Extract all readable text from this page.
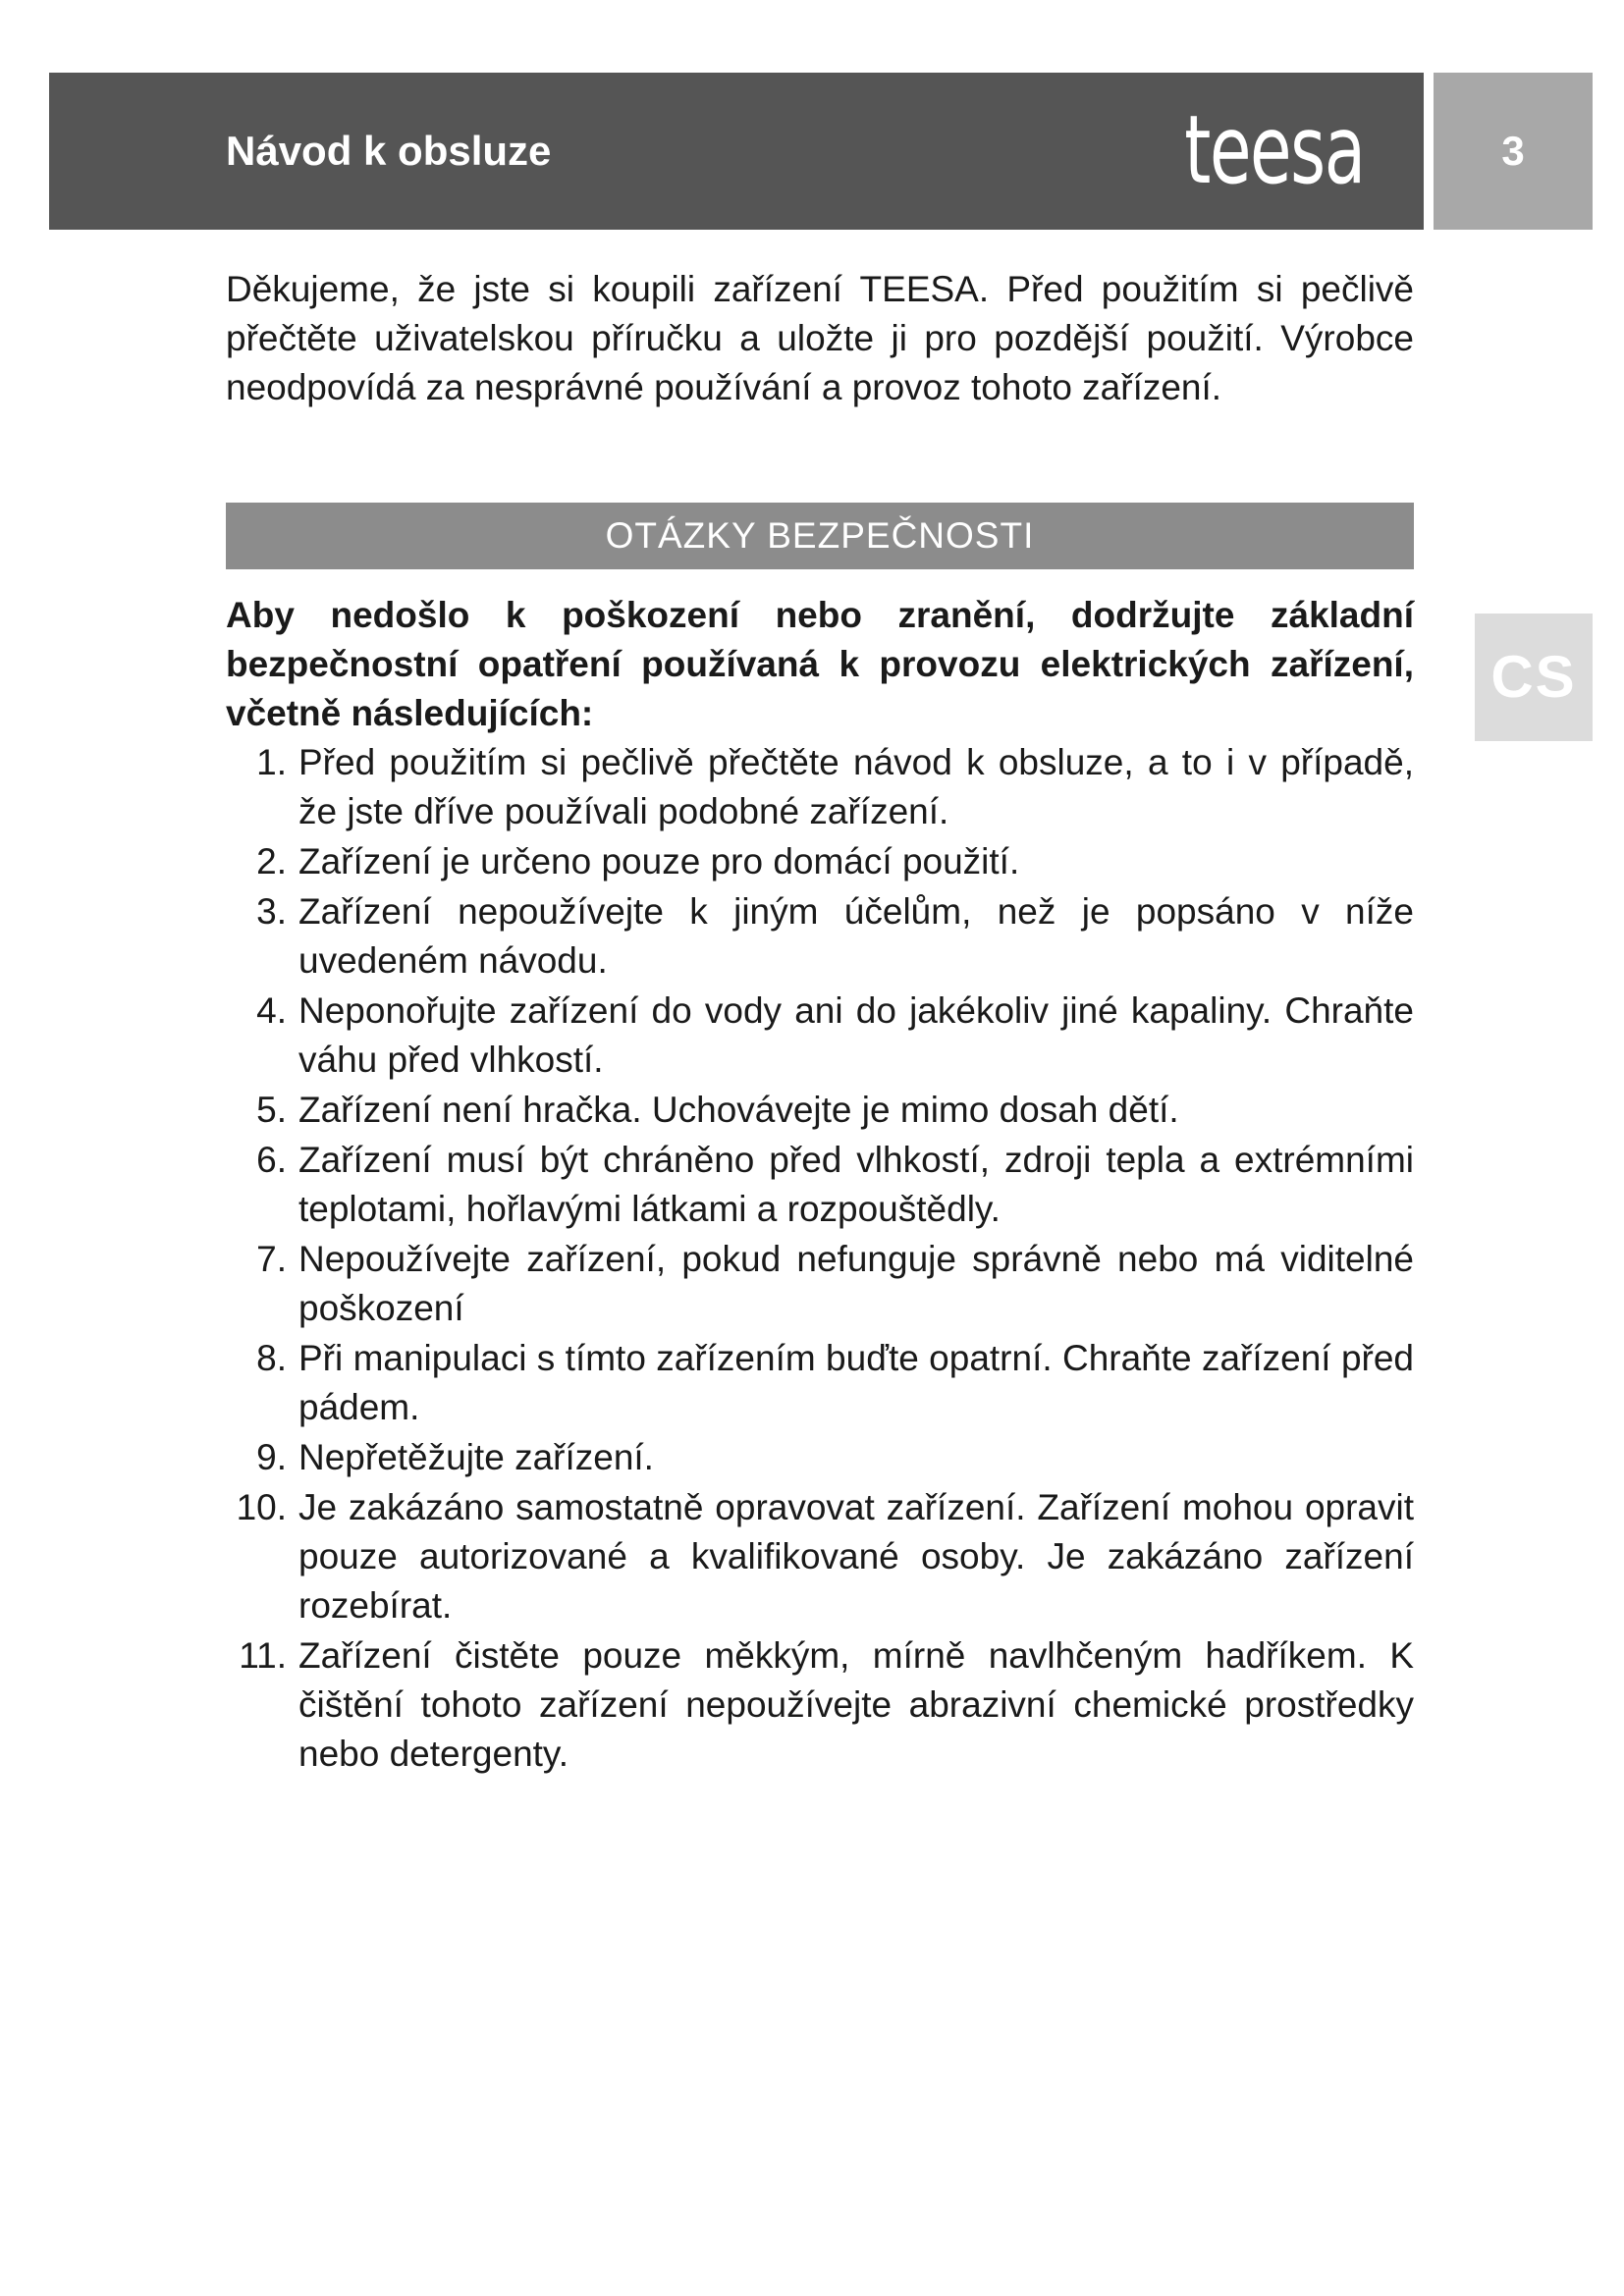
Návod k obsluze	teesa	3
CS

Děkujeme, že jste si koupili zařízení TEESA. Před použitím si pečlivě přečtěte uživatelskou příručku a uložte ji pro pozdější použití. Výrobce neodpovídá za nesprávné používání a provoz tohoto zařízení.

OTÁZKY BEZPEČNOSTI

Aby nedošlo k poškození nebo zranění, dodržujte základní bezpečnostní opatření používaná k provozu elektrických zařízení, včetně následujících:

1. Před použitím si pečlivě přečtěte návod k obsluze, a to i v případě, že jste dříve používali podobné zařízení.
2. Zařízení je určeno pouze pro domácí použití.
3. Zařízení nepoužívejte k jiným účelům, než je popsáno v níže uvedeném návodu.
4. Neponořujte zařízení do vody ani do jakékoliv jiné kapaliny. Chraňte váhu před vlhkostí.
5. Zařízení není hračka. Uchovávejte je mimo dosah dětí.
6. Zařízení musí být chráněno před vlhkostí, zdroji tepla a extrémními teplotami, hořlavými látkami a rozpouštědly.
7. Nepoužívejte zařízení, pokud nefunguje správně nebo má viditelné poškození
8. Při manipulaci s tímto zařízením buďte opatrní. Chraňte zařízení před pádem.
9. Nepřetěžujte zařízení.
10. Je zakázáno samostatně opravovat zařízení. Zařízení mohou opravit pouze autorizované a kvalifikované osoby. Je zakázáno zařízení rozebírat.
11. Zařízení čistěte pouze měkkým, mírně navlhčeným hadříkem. K čištění tohoto zařízení nepoužívejte abrazivní chemické prostředky nebo detergenty.
